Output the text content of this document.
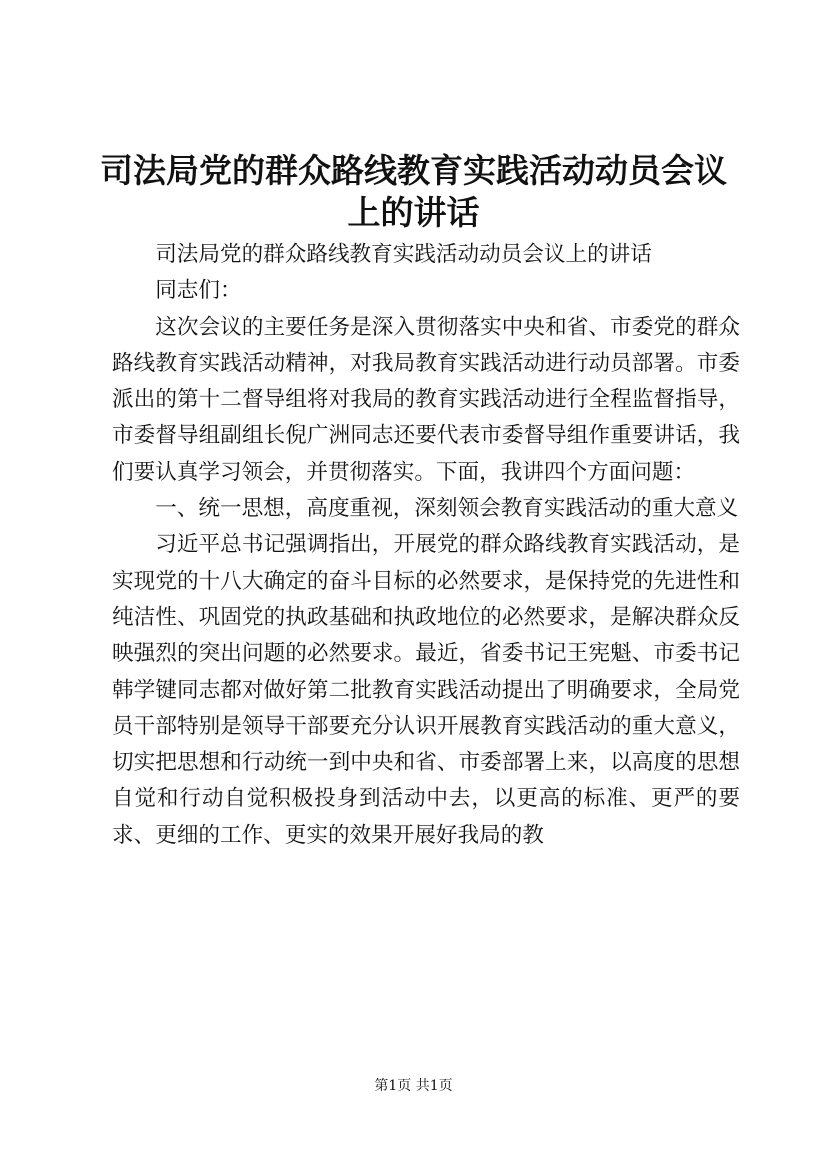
司法局党的群众路线教育实践活动动员会议上的讲话

司法局党的群众路线教育实践活动动员会议上的讲话

同志们：

这次会议的主要任务是深入贯彻落实中央和省、市委党的群众路线教育实践活动精神，对我局教育实践活动进行动员部署。市委派出的第十二督导组将对我局的教育实践活动进行全程监督指导，市委督导组副组长倪广洲同志还要代表市委督导组作重要讲话，我们要认真学习领会，并贯彻落实。下面，我讲四个方面问题：

一、统一思想，高度重视，深刻领会教育实践活动的重大意义

习近平总书记强调指出，开展党的群众路线教育实践活动，是实现党的十八大确定的奋斗目标的必然要求，是保持党的先进性和纯洁性、巩固党的执政基础和执政地位的必然要求，是解决群众反映强烈的突出问题的必然要求。最近，省委书记王宪魁、市委书记韩学键同志都对做好第二批教育实践活动提出了明确要求，全局党员干部特别是领导干部要充分认识开展教育实践活动的重大意义，切实把思想和行动统一到中央和省、市委部署上来，以高度的思想自觉和行动自觉积极投身到活动中去，以更高的标准、更严的要求、更细的工作、更实的效果开展好我局的教

第1页 共1页
